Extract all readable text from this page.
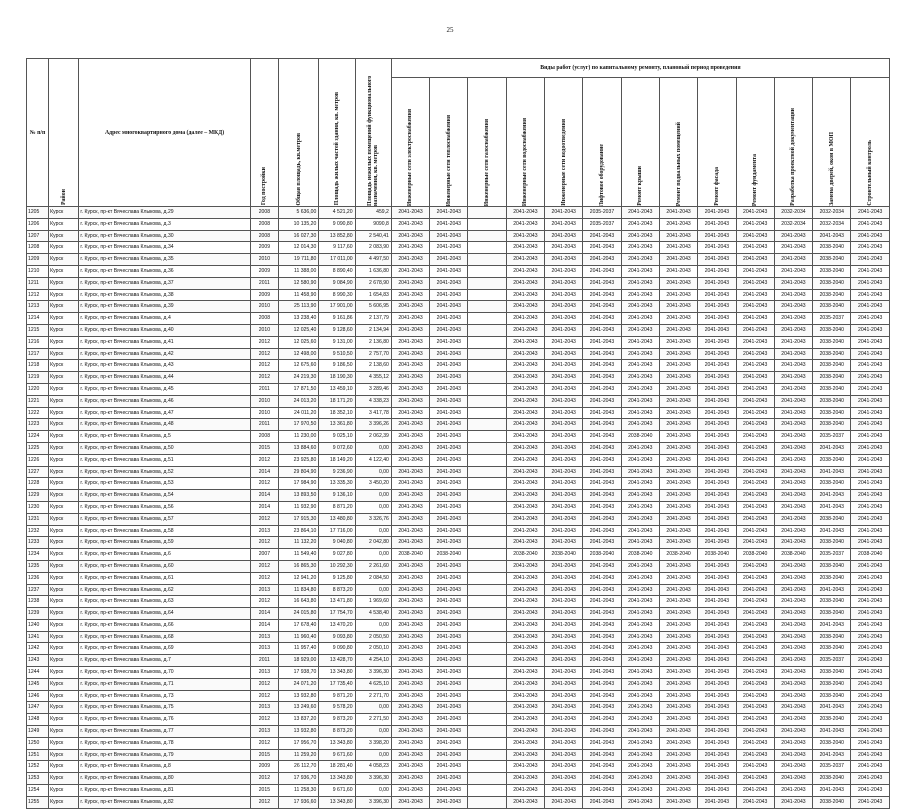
25
№ п/п	Район	Адрес многоквартирного дома (далее – МКД)	Год постройки	Общая площадь, кв.метров	Площадь жилых частей здания, кв. метров	Площадь нежилых помещений функционального назначения, кв. метров	Виды работ (услуг) по капитальному ремонту, плановый период проведения												

							Инженерные сети электроснабжения	Инженерные сети теплоснабжения	Инженерные сети газоснабжения	Инженерные сети водоснабжения	Инженерные сети водоотведения	Лифтовое оборудование	Ремонт крыши	Ремонт подвальных помещений	Ремонт фасада	Ремонт фундамента	Разработка проектной документации	Замена дверей, окон в МОП	Строительный контроль

1205	Курск	г. Курск, пр-кт Вячеслава Клыкова, д.29	2008	5 636,00	4 521,20	459,2	2041-2043	2041-2043		2041-2043	2041-2043	2035-2037	2041-2043	2041-2043	2041-2043	2041-2043	2032-2034	2032-2034	2041-2043
1206	Курск	г. Курск, пр-кт Вячеслава Клыкова, д.3	2008	10 135,20	9 090,80	9090,8	2041-2043	2041-2043		2041-2043	2041-2043	2035-2037	2041-2043	2041-2043	2041-2043	2041-2043	2032-2034	2032-2034	2041-2043
1207	Курск	г. Курск, пр-кт Вячеслава Клыкова, д.30	2008	16 027,30	13 852,80	2 540,41	2041-2043	2041-2043		2041-2043	2041-2043	2041-2043	2041-2043	2041-2043	2041-2043	2041-2043	2041-2043	2041-2043	2041-2043
1208	Курск	г. Курск, пр-кт Вячеслава Клыкова, д.34	2009	12 014,30	9 117,60	2 083,90	2041-2043	2041-2043		2041-2043	2041-2043	2041-2043	2041-2043	2041-2043	2041-2043	2041-2043	2041-2043	2038-2040	2041-2043
1209	Курск	г. Курск, пр-кт Вячеслава Клыкова, д.35	2010	19 711,80	17 011,00	4 497,50	2041-2043	2041-2043		2041-2043	2041-2043	2041-2043	2041-2043	2041-2043	2041-2043	2041-2043	2041-2043	2038-2040	2041-2043
1210	Курск	г. Курск, пр-кт Вячеслава Клыкова, д.36	2009	11 388,00	8 890,40	1 636,80	2041-2043	2041-2043		2041-2043	2041-2043	2041-2043	2041-2043	2041-2043	2041-2043	2041-2043	2041-2043	2038-2040	2041-2043
1211	Курск	г. Курск, пр-кт Вячеслава Клыкова, д.37	2011	12 580,90	9 084,90	2 678,90	2041-2043	2041-2043		2041-2043	2041-2043	2041-2043	2041-2043	2041-2043	2041-2043	2041-2043	2041-2043	2038-2040	2041-2043
1212	Курск	г. Курск, пр-кт Вячеслава Клыкова, д.38	2009	11 458,90	8 990,30	1 654,83	2041-2043	2041-2043		2041-2043	2041-2043	2041-2043	2041-2043	2041-2043	2041-2043	2041-2043	2041-2043	2038-2040	2041-2043
1213	Курск	г. Курск, пр-кт Вячеслава Клыкова, д.39	2010	25 113,90	17 901,00	5 606,95	2041-2043	2041-2043		2041-2043	2041-2043	2041-2043	2041-2043	2041-2043	2041-2043	2041-2043	2041-2043	2038-2040	2041-2043
1214	Курск	г. Курск, пр-кт Вячеслава Клыкова, д.4	2008	13 238,40	9 161,86	2 137,79	2041-2043	2041-2043		2041-2043	2041-2043	2041-2043	2041-2043	2041-2043	2041-2043	2041-2043	2041-2043	2035-2037	2041-2043
1215	Курск	г. Курск, пр-кт Вячеслава Клыкова, д.40	2010	12 025,40	9 128,60	2 134,94	2041-2043	2041-2043		2041-2043	2041-2043	2041-2043	2041-2043	2041-2043	2041-2043	2041-2043	2041-2043	2038-2040	2041-2043
1216	Курск	г. Курск, пр-кт Вячеслава Клыкова, д.41	2012	12 025,60	9 131,00	2 136,80	2041-2043	2041-2043		2041-2043	2041-2043	2041-2043	2041-2043	2041-2043	2041-2043	2041-2043	2041-2043	2038-2040	2041-2043
1217	Курск	г. Курск, пр-кт Вячеслава Клыкова, д.42	2012	12 498,00	9 510,50	2 757,70	2041-2043	2041-2043		2041-2043	2041-2043	2041-2043	2041-2043	2041-2043	2041-2043	2041-2043	2041-2043	2038-2040	2041-2043
1218	Курск	г. Курск, пр-кт Вячеслава Клыкова, д.43	2012	12 675,60	9 186,50	2 138,60	2041-2043	2041-2043		2041-2043	2041-2043	2041-2043	2041-2043	2041-2043	2041-2043	2041-2043	2041-2043	2038-2040	2041-2043
1219	Курск	г. Курск, пр-кт Вячеслава Клыкова, д.44	2012	24 219,30	18 190,30	4 355,12	2041-2043	2041-2043		2041-2043	2041-2043	2041-2043	2041-2043	2041-2043	2041-2043	2041-2043	2041-2043	2038-2040	2041-2043
1220	Курск	г. Курск, пр-кт Вячеслава Клыкова, д.45	2011	17 871,50	13 459,10	3 289,46	2041-2043	2041-2043		2041-2043	2041-2043	2041-2043	2041-2043	2041-2043	2041-2043	2041-2043	2041-2043	2038-2040	2041-2043
1221	Курск	г. Курск, пр-кт Вячеслава Клыкова, д.46	2010	24 013,20	18 171,20	4 338,23	2041-2043	2041-2043		2041-2043	2041-2043	2041-2043	2041-2043	2041-2043	2041-2043	2041-2043	2041-2043	2038-2040	2041-2043
1222	Курск	г. Курск, пр-кт Вячеслава Клыкова, д.47	2010	24 011,20	18 352,10	3 417,78	2041-2043	2041-2043		2041-2043	2041-2043	2041-2043	2041-2043	2041-2043	2041-2043	2041-2043	2041-2043	2038-2040	2041-2043
1223	Курск	г. Курск, пр-кт Вячеслава Клыкова, д.48	2011	17 970,50	13 361,80	3 396,26	2041-2043	2041-2043		2041-2043	2041-2043	2041-2043	2041-2043	2041-2043	2041-2043	2041-2043	2041-2043	2038-2040	2041-2043
1224	Курск	г. Курск, пр-кт Вячеслава Клыкова, д.5	2008	11 230,00	9 025,10	2 062,39	2041-2043	2041-2043		2041-2043	2041-2043	2041-2043	2038-2040	2041-2043	2041-2043	2041-2043	2041-2043	2035-2037	2041-2043
1225	Курск	г. Курск, пр-кт Вячеслава Клыкова, д.50	2015	13 884,60	9 072,60	0,00	2041-2043	2041-2043		2041-2043	2041-2043	2041-2043	2041-2043	2041-2043	2041-2043	2041-2043	2041-2043	2041-2043	2041-2043
1226	Курск	г. Курск, пр-кт Вячеслава Клыкова, д.51	2012	23 925,80	18 149,20	4 122,40	2041-2043	2041-2043		2041-2043	2041-2043	2041-2043	2041-2043	2041-2043	2041-2043	2041-2043	2041-2043	2038-2040	2041-2043
1227	Курск	г. Курск, пр-кт Вячеслава Клыкова, д.52	2014	29 804,90	9 236,90	0,00	2041-2043	2041-2043		2041-2043	2041-2043	2041-2043	2041-2043	2041-2043	2041-2043	2041-2043	2041-2043	2041-2043	2041-2043
1228	Курск	г. Курск, пр-кт Вячеслава Клыкова, д.53	2012	17 984,90	13 335,30	3 450,20	2041-2043	2041-2043		2041-2043	2041-2043	2041-2043	2041-2043	2041-2043	2041-2043	2041-2043	2041-2043	2038-2040	2041-2043
1229	Курск	г. Курск, пр-кт Вячеслава Клыкова, д.54	2014	13 893,50	9 136,10	0,00	2041-2043	2041-2043		2041-2043	2041-2043	2041-2043	2041-2043	2041-2043	2041-2043	2041-2043	2041-2043	2041-2043	2041-2043
1230	Курск	г. Курск, пр-кт Вячеслава Клыкова, д.56	2014	11 932,90	8 871,20	0,00	2041-2043	2041-2043		2041-2043	2041-2043	2041-2043	2041-2043	2041-2043	2041-2043	2041-2043	2041-2043	2041-2043	2041-2043
1231	Курск	г. Курск, пр-кт Вячеслава Клыкова, д.57	2012	17 915,30	13 480,80	3 326,76	2041-2043	2041-2043		2041-2043	2041-2043	2041-2043	2041-2043	2041-2043	2041-2043	2041-2043	2041-2043	2038-2040	2041-2043
1232	Курск	г. Курск, пр-кт Вячеслава Клыкова, д.58	2013	23 864,10	17 716,00	0,00	2041-2043	2041-2043		2041-2043	2041-2043	2041-2043	2041-2043	2041-2043	2041-2043	2041-2043	2041-2043	2041-2043	2041-2043
1233	Курск	г. Курск, пр-кт Вячеслава Клыкова, д.59	2012	11 132,20	9 040,80	2 042,80	2041-2043	2041-2043		2041-2043	2041-2043	2041-2043	2041-2043	2041-2043	2041-2043	2041-2043	2041-2043	2038-2040	2041-2043
1234	Курск	г. Курск, пр-кт Вячеслава Клыкова, д.6	2007	11 549,40	9 027,80	0,00	2038-2040	2038-2040		2038-2040	2038-2040	2038-2040	2038-2040	2038-2040	2038-2040	2038-2040	2038-2040	2035-2037	2038-2040
1235	Курск	г. Курск, пр-кт Вячеслава Клыкова, д.60	2012	16 865,30	10 292,30	2 261,60	2041-2043	2041-2043		2041-2043	2041-2043	2041-2043	2041-2043	2041-2043	2041-2043	2041-2043	2041-2043	2038-2040	2041-2043
1236	Курск	г. Курск, пр-кт Вячеслава Клыкова, д.61	2012	12 941,20	9 125,80	2 084,50	2041-2043	2041-2043		2041-2043	2041-2043	2041-2043	2041-2043	2041-2043	2041-2043	2041-2043	2041-2043	2038-2040	2041-2043
1237	Курск	г. Курск, пр-кт Вячеслава Клыкова, д.62	2013	11 834,80	8 873,20	0,00	2041-2043	2041-2043		2041-2043	2041-2043	2041-2043	2041-2043	2041-2043	2041-2043	2041-2043	2041-2043	2041-2043	2041-2043
1238	Курск	г. Курск, пр-кт Вячеслава Клыкова, д.63	2012	16 643,80	13 471,80	1 969,60	2041-2043	2041-2043		2041-2043	2041-2043	2041-2043	2041-2043	2041-2043	2041-2043	2041-2043	2041-2043	2038-2040	2041-2043
1239	Курск	г. Курск, пр-кт Вячеслава Клыкова, д.64	2014	24 015,80	17 754,70	4 538,40	2041-2043	2041-2043		2041-2043	2041-2043	2041-2043	2041-2043	2041-2043	2041-2043	2041-2043	2041-2043	2038-2040	2041-2043
1240	Курск	г. Курск, пр-кт Вячеслава Клыкова, д.66	2014	17 678,40	13 470,20	0,00	2041-2043	2041-2043		2041-2043	2041-2043	2041-2043	2041-2043	2041-2043	2041-2043	2041-2043	2041-2043	2041-2043	2041-2043
1241	Курск	г. Курск, пр-кт Вячеслава Клыкова, д.68	2013	11 960,40	9 093,80	2 050,50	2041-2043	2041-2043		2041-2043	2041-2043	2041-2043	2041-2043	2041-2043	2041-2043	2041-2043	2041-2043	2038-2040	2041-2043
1242	Курск	г. Курск, пр-кт Вячеслава Клыкова, д.69	2013	11 957,40	9 090,80	2 050,10	2041-2043	2041-2043		2041-2043	2041-2043	2041-2043	2041-2043	2041-2043	2041-2043	2041-2043	2041-2043	2038-2040	2041-2043
1243	Курск	г. Курск, пр-кт Вячеслава Клыкова, д.7	2011	18 929,00	13 428,70	4 254,10	2041-2043	2041-2043		2041-2043	2041-2043	2041-2043	2041-2043	2041-2043	2041-2043	2041-2043	2041-2043	2035-2037	2041-2043
1244	Курск	г. Курск, пр-кт Вячеслава Клыкова, д.70	2013	17 938,70	13 343,80	3 396,30	2041-2043	2041-2043		2041-2043	2041-2043	2041-2043	2041-2043	2041-2043	2041-2043	2041-2043	2041-2043	2038-2040	2041-2043
1245	Курск	г. Курск, пр-кт Вячеслава Клыкова, д.71	2012	24 071,20	17 735,40	4 625,10	2041-2043	2041-2043		2041-2043	2041-2043	2041-2043	2041-2043	2041-2043	2041-2043	2041-2043	2041-2043	2038-2040	2041-2043
1246	Курск	г. Курск, пр-кт Вячеслава Клыкова, д.73	2012	13 932,80	9 871,20	2 271,70	2041-2043	2041-2043		2041-2043	2041-2043	2041-2043	2041-2043	2041-2043	2041-2043	2041-2043	2041-2043	2038-2040	2041-2043
1247	Курск	г. Курск, пр-кт Вячеслава Клыкова, д.75	2013	13 249,60	9 578,20	0,00	2041-2043	2041-2043		2041-2043	2041-2043	2041-2043	2041-2043	2041-2043	2041-2043	2041-2043	2041-2043	2041-2043	2041-2043
1248	Курск	г. Курск, пр-кт Вячеслава Клыкова, д.76	2012	13 837,20	9 873,20	2 271,50	2041-2043	2041-2043		2041-2043	2041-2043	2041-2043	2041-2043	2041-2043	2041-2043	2041-2043	2041-2043	2038-2040	2041-2043
1249	Курск	г. Курск, пр-кт Вячеслава Клыкова, д.77	2013	13 932,80	8 873,20	0,00	2041-2043	2041-2043		2041-2043	2041-2043	2041-2043	2041-2043	2041-2043	2041-2043	2041-2043	2041-2043	2041-2043	2041-2043
1250	Курск	г. Курск, пр-кт Вячеслава Клыкова, д.78	2012	17 956,70	13 343,80	3 398,20	2041-2043	2041-2043		2041-2043	2041-2043	2041-2043	2041-2043	2041-2043	2041-2043	2041-2043	2041-2043	2038-2040	2041-2043
1251	Курск	г. Курск, пр-кт Вячеслава Клыкова, д.79	2015	11 259,20	9 671,60	0,00	2041-2043	2041-2043		2041-2043	2041-2043	2041-2043	2041-2043	2041-2043	2041-2043	2041-2043	2041-2043	2041-2043	2041-2043
1252	Курск	г. Курск, пр-кт Вячеслава Клыкова, д.8	2009	26 112,70	18 281,40	4 058,23	2041-2043	2041-2043		2041-2043	2041-2043	2041-2043	2041-2043	2041-2043	2041-2043	2041-2043	2041-2043	2035-2037	2041-2043
1253	Курск	г. Курск, пр-кт Вячеслава Клыкова, д.80	2012	17 936,70	13 343,80	3 396,30	2041-2043	2041-2043		2041-2043	2041-2043	2041-2043	2041-2043	2041-2043	2041-2043	2041-2043	2041-2043	2038-2040	2041-2043
1254	Курск	г. Курск, пр-кт Вячеслава Клыкова, д.81	2015	11 258,30	9 671,60	0,00	2041-2043	2041-2043		2041-2043	2041-2043	2041-2043	2041-2043	2041-2043	2041-2043	2041-2043	2041-2043	2041-2043	2041-2043
1255	Курск	г. Курск, пр-кт Вячеслава Клыкова, д.82	2012	17 936,60	13 343,80	3 396,30	2041-2043	2041-2043		2041-2043	2041-2043	2041-2043	2041-2043	2041-2043	2041-2043	2041-2043	2041-2043	2038-2040	2041-2043
